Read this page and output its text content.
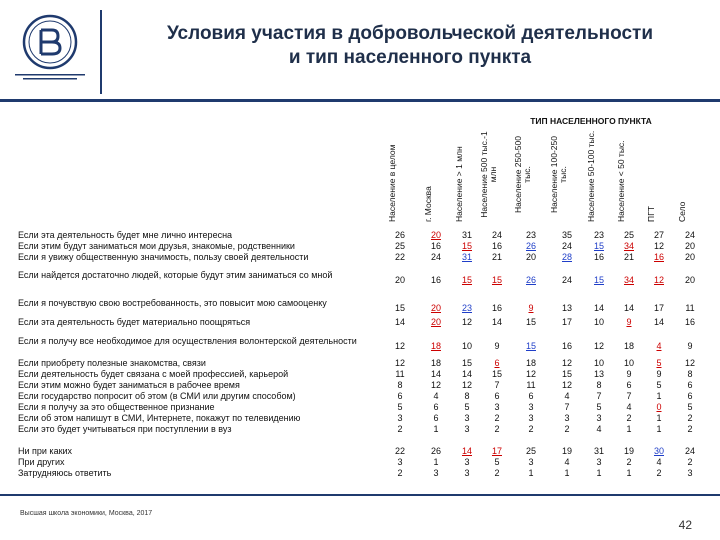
Условия участия в добровольческой деятельности
и тип населенного пункта
ТИП НАСЕЛЕННОГО ПУНКТА
Население в целом	г. Москва	Население > 1 млн	Население 500 тыс.-1 млн	Население 250-500 тыс.	Население 100-250 тыс.	Население 50-100 тыс.	Население < 50 тыс.	ПГТ	Село
Если эта деятельность будет мне лично интересна	26	20	31	24	23	35	23	25	27	24
Если этим будут заниматься мои друзья, знакомые, родственники	25	16	15	16	26	24	15	34	12	20
Если я увижу общественную значимость, пользу своей деятельности	22	24	31	21	20	28	16	21	16	20
Если найдется достаточно людей, которые будут этим заниматься со мной	20	16	15	15	26	24	15	34	12	20
Если я почувствую свою востребованность, это повысит мою самооценку	15	20	23	16	9	13	14	14	17	11
Если эта деятельность будет материально поощряться	14	20	12	14	15	17	10	9	14	16
Если я получу все необходимое для осуществления волонтерской деятельности	12	18	10	9	15	16	12	18	4	9
Если приобрету полезные знакомства, связи	12	18	15	6	18	12	10	10	5	12
Если деятельность будет связана с моей профессией, карьерой	11	14	14	15	12	15	13	9	9	8
Если этим можно будет заниматься в рабочее время	8	12	12	7	11	12	8	6	5	6
Если государство попросит об этом (в СМИ или другим способом)	6	4	8	6	6	4	7	7	1	6
Если я получу за это общественное признание	5	6	5	3	3	7	5	4	0	5
Если об этом напишут в СМИ, Интернете, покажут по телевидению	3	6	3	2	3	3	3	2	1	2
Если это будет учитываться при поступлении в вуз	2	1	3	2	2	2	4	1	1	2
Ни при каких	22	26	14	17	25	19	31	19	30	24
При других	3	1	3	5	3	4	3	2	4	2
Затрудняюсь ответить	2	3	3	2	1	1	1	1	2	3
Высшая школа экономики, Москва, 2017
42
